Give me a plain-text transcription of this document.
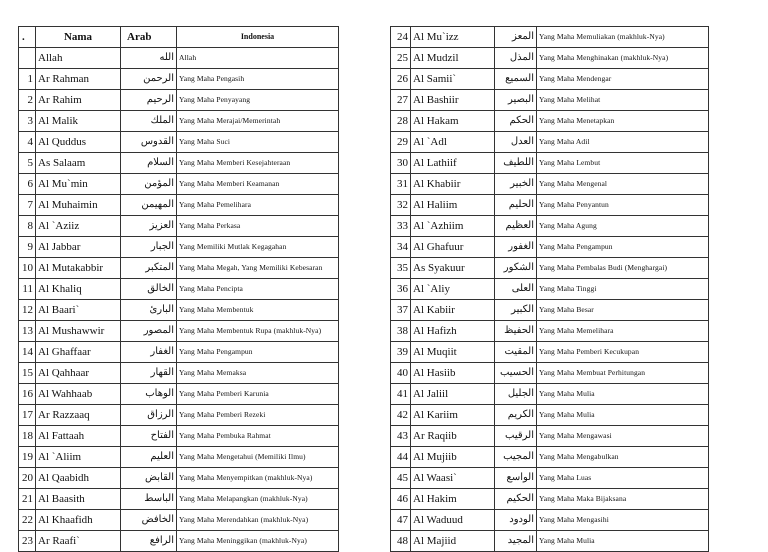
.	Nama	Arab	Indonesia
	Allah	الله	Allah
1	Ar Rahman	الرحمن	Yang Maha Pengasih
2	Ar Rahim	الرحيم	Yang Maha Penyayang
3	Al Malik	الملك	Yang Maha Merajai/Memerintah
4	Al Quddus	القدوس	Yang Maha Suci
5	As Salaam	السلام	Yang Maha Memberi Kesejahteraan
6	Al Mu`min	المؤمن	Yang Maha Memberi Keamanan
7	Al Muhaimin	المهيمن	Yang Maha Pemelihara
8	Al `Aziiz	العزيز	Yang Maha Perkasa
9	Al Jabbar	الجبار	Yang Memiliki Mutlak Kegagahan
10	Al Mutakabbir	المتكبر	Yang Maha Megah, Yang Memiliki Kebesaran
11	Al Khaliq	الخالق	Yang Maha Pencipta
12	Al Baari`	البارئ	Yang Maha Membentuk
13	Al Mushawwir	المصور	Yang Maha Membentuk Rupa (makhluk-Nya)
14	Al Ghaffaar	الغفار	Yang Maha Pengampun
15	Al Qahhaar	القهار	Yang Maha Memaksa
16	Al Wahhaab	الوهاب	Yang Maha Pemberi Karunia
17	Ar Razzaaq	الرزاق	Yang Maha Pemberi Rezeki
18	Al Fattaah	الفتاح	Yang Maha Pembuka Rahmat
19	Al `Aliim	العليم	Yang Maha Mengetahui (Memiliki Ilmu)
20	Al Qaabidh	القابض	Yang Maha Menyempitkan (makhluk-Nya)
21	Al Baasith	الباسط	Yang Maha Melapangkan (makhluk-Nya)
22	Al Khaafidh	الخافض	Yang Maha Merendahkan (makhluk-Nya)
23	Ar Raafi`	الرافع	Yang Maha Meninggikan (makhluk-Nya)
24	Al Mu`izz	المعز	Yang Maha Memuliakan (makhluk-Nya)
25	Al Mudzil	المذل	Yang Maha Menghinakan (makhluk-Nya)
26	Al Samii`	السميع	Yang Maha Mendengar
27	Al Bashiir	البصير	Yang Maha Melihat
28	Al Hakam	الحكم	Yang Maha Menetapkan
29	Al `Adl	العدل	Yang Maha Adil
30	Al Lathiif	اللطيف	Yang Maha Lembut
31	Al Khabiir	الخبير	Yang Maha Mengenal
32	Al Haliim	الحليم	Yang Maha Penyantun
33	Al `Azhiim	العظيم	Yang Maha Agung
34	Al Ghafuur	الغفور	Yang Maha Pengampun
35	As Syakuur	الشكور	Yang Maha Pembalas Budi (Menghargai)
36	Al `Aliy	العلى	Yang Maha Tinggi
37	Al Kabiir	الكبير	Yang Maha Besar
38	Al Hafizh	الحفيظ	Yang Maha Memelihara
39	Al Muqiit	المقيت	Yang Maha Pemberi Kecukupan
40	Al Hasiib	الحسيب	Yang Maha Membuat Perhitungan
41	Al Jaliil	الجليل	Yang Maha Mulia
42	Al Kariim	الكريم	Yang Maha Mulia
43	Ar Raqiib	الرقيب	Yang Maha Mengawasi
44	Al Mujiib	المجيب	Yang Maha Mengabulkan
45	Al Waasi`	الواسع	Yang Maha Luas
46	Al Hakim	الحكيم	Yang Maha Maka Bijaksana
47	Al Waduud	الودود	Yang Maha Mengasihi
48	Al Majiid	المجيد	Yang Maha Mulia
